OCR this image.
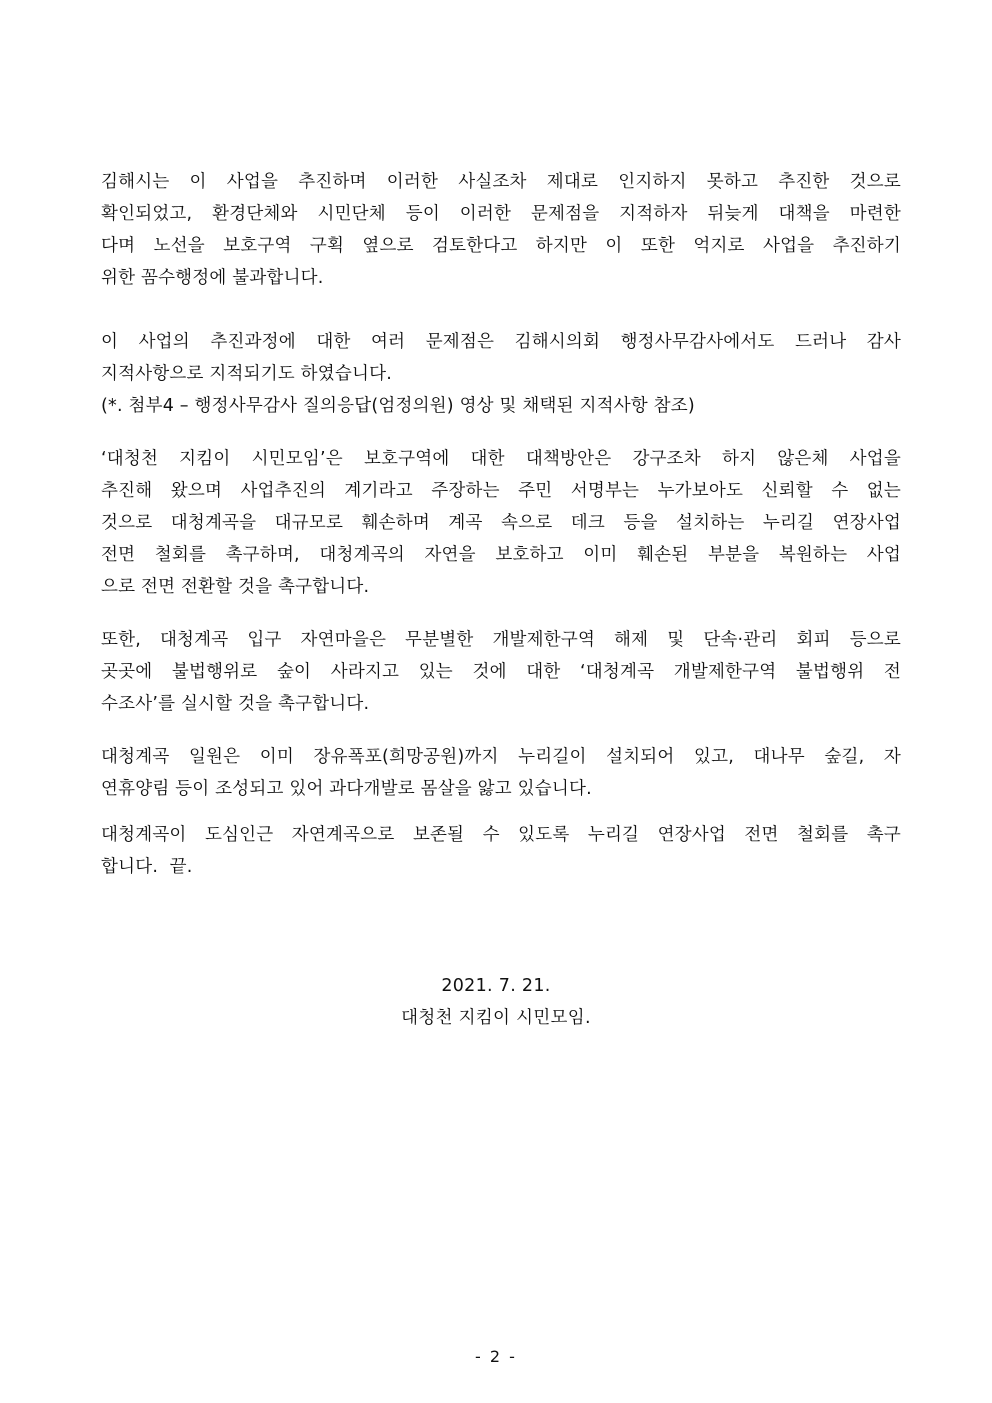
김해시는 이 사업을 추진하며 이러한 사실조차 제대로 인지하지 못하고 추진한 것으로
확인되었고, 환경단체와 시민단체 등이 이러한 문제점을 지적하자 뒤늦게 대책을 마련한
다며 노선을 보호구역 구획 옆으로 검토한다고 하지만 이 또한 억지로 사업을 추진하기
위한 꼼수행정에 불과합니다.

이 사업의 추진과정에 대한 여러 문제점은 김해시의회 행정사무감사에서도 드러나 감사
지적사항으로 지적되기도 하였습니다.
(*. 첨부4 – 행정사무감사 질의응답(엄정의원) 영상 및 채택된 지적사항 참조)

‘대청천 지킴이 시민모임’은 보호구역에 대한 대책방안은 강구조차 하지 않은체 사업을
추진해 왔으며 사업추진의 계기라고 주장하는 주민 서명부는 누가보아도 신뢰할 수 없는
것으로 대청계곡을 대규모로 훼손하며 계곡 속으로 데크 등을 설치하는 누리길 연장사업
전면 철회를 촉구하며, 대청계곡의 자연을 보호하고 이미 훼손된 부분을 복원하는 사업
으로 전면 전환할 것을 촉구합니다.

또한, 대청계곡 입구 자연마을은 무분별한 개발제한구역 해제 및 단속·관리 회피 등으로
곳곳에 불법행위로 숲이 사라지고 있는 것에 대한 ‘대청계곡 개발제한구역 불법행위 전
수조사’를 실시할 것을 촉구합니다.

대청계곡 일원은 이미 장유폭포(희망공원)까지 누리길이 설치되어 있고, 대나무 숲길, 자
연휴양림 등이 조성되고 있어 과다개발로 몸살을 앓고 있습니다.

대청계곡이 도심인근 자연계곡으로 보존될 수 있도록 누리길 연장사업 전면 철회를 촉구
합니다.  끝.

2021. 7. 21.
대청천 지킴이 시민모임.
- 2 -
